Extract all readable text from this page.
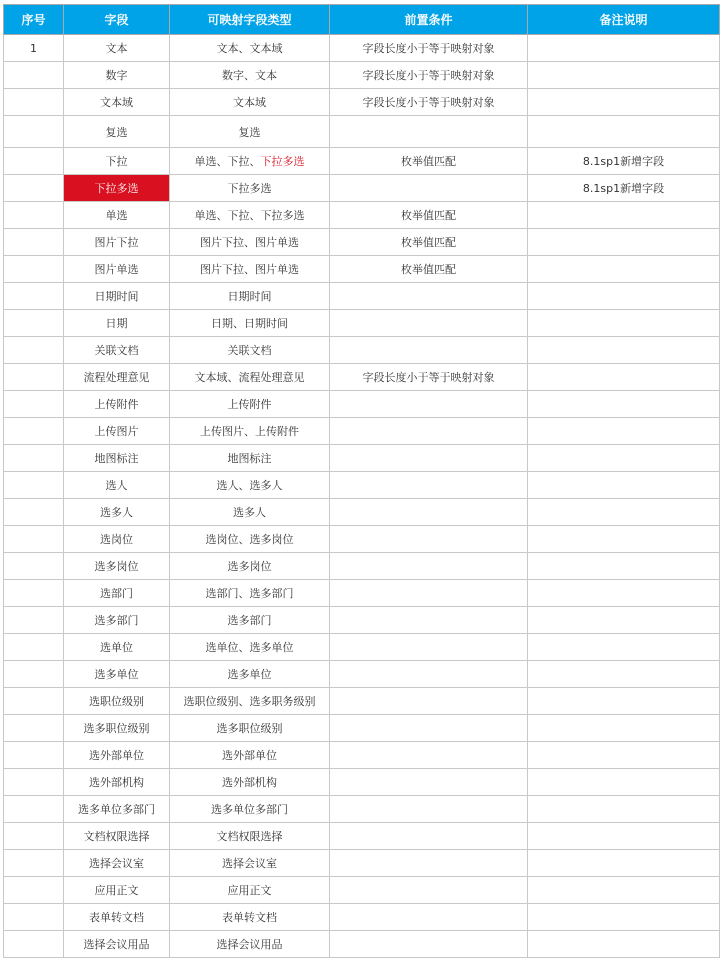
序号	字段	可映射字段类型	前置条件	备注说明
1	文本	文本、文本域	字段长度小于等于映射对象	
	数字	数字、文本	字段长度小于等于映射对象	
	文本域	文本域	字段长度小于等于映射对象	
	复选	复选		
	下拉	单选、下拉、下拉多选	枚举值匹配	8.1sp1新增字段
	下拉多选	下拉多选		8.1sp1新增字段
	单选	单选、下拉、下拉多选	枚举值匹配	
	图片下拉	图片下拉、图片单选	枚举值匹配	
	图片单选	图片下拉、图片单选	枚举值匹配	
	日期时间	日期时间		
	日期	日期、日期时间		
	关联文档	关联文档		
	流程处理意见	文本域、流程处理意见	字段长度小于等于映射对象	
	上传附件	上传附件		
	上传图片	上传图片、上传附件		
	地图标注	地图标注		
	选人	选人、选多人		
	选多人	选多人		
	选岗位	选岗位、选多岗位		
	选多岗位	选多岗位		
	选部门	选部门、选多部门		
	选多部门	选多部门		
	选单位	选单位、选多单位		
	选多单位	选多单位		
	选职位级别	选职位级别、选多职务级别		
	选多职位级别	选多职位级别		
	选外部单位	选外部单位		
	选外部机构	选外部机构		
	选多单位多部门	选多单位多部门		
	文档权限选择	文档权限选择		
	选择会议室	选择会议室		
	应用正文	应用正文		
	表单转文档	表单转文档		
	选择会议用品	选择会议用品		
